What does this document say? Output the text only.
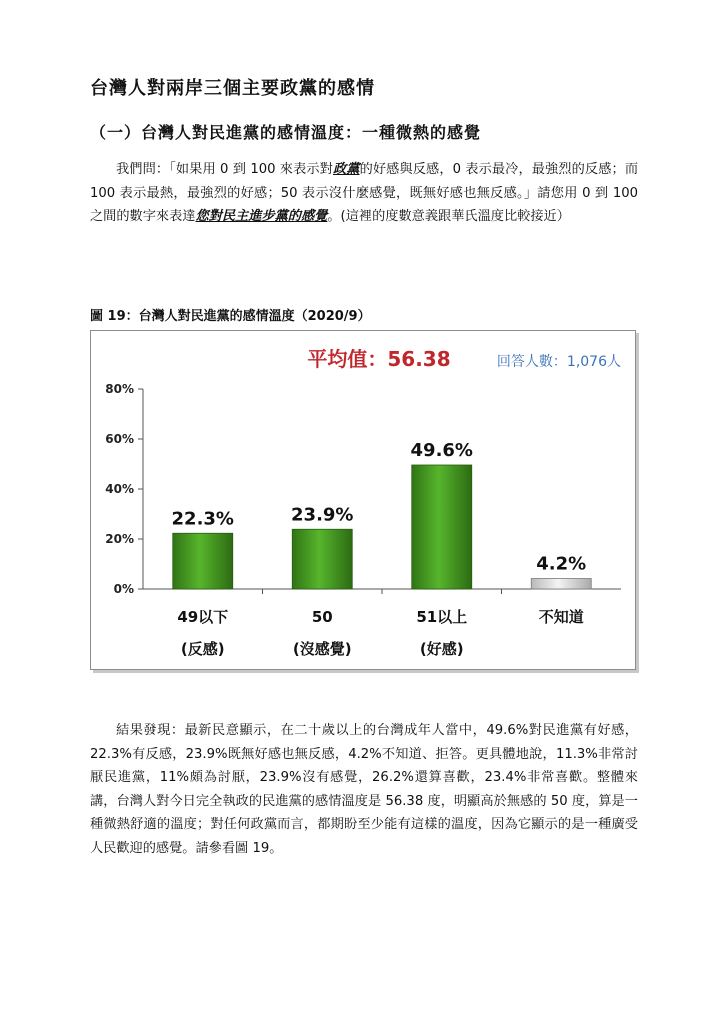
台灣人對兩岸三個主要政黨的感情
（一）台灣人對民進黨的感情溫度：一種微熱的感覺
我們問：「如果用 0 到 100 來表示對政黨的好感與反感，0 表示最冷，最強烈的反感；而 100 表示最熱，最強烈的好感；50 表示沒什麼感覺，既無好感也無反感。」請您用 0 到 100 之間的數字來表達您對民主進步黨的感覺。(這裡的度數意義跟華氏溫度比較接近）
圖 19：台灣人對民進黨的感情溫度（2020/9）
平均值：56.38	回答人數：1,076人
0%
20%
40%
60%
80%
22.3%
49以下
(反感)
23.9%
50
(沒感覺)
49.6%
51以上
(好感)
4.2%
不知道
結果發現：最新民意顯示，在二十歲以上的台灣成年人當中，49.6%對民進黨有好感，22.3%有反感，23.9%既無好感也無反感，4.2%不知道、拒答。更具體地說，11.3%非常討厭民進黨，11%頗為討厭，23.9%沒有感覺，26.2%還算喜歡，23.4%非常喜歡。整體來講，台灣人對今日完全執政的民進黨的感情溫度是 56.38 度，明顯高於無感的 50 度，算是一種微熱舒適的溫度；對任何政黨而言，都期盼至少能有這樣的溫度，因為它顯示的是一種廣受人民歡迎的感覺。請參看圖 19。
